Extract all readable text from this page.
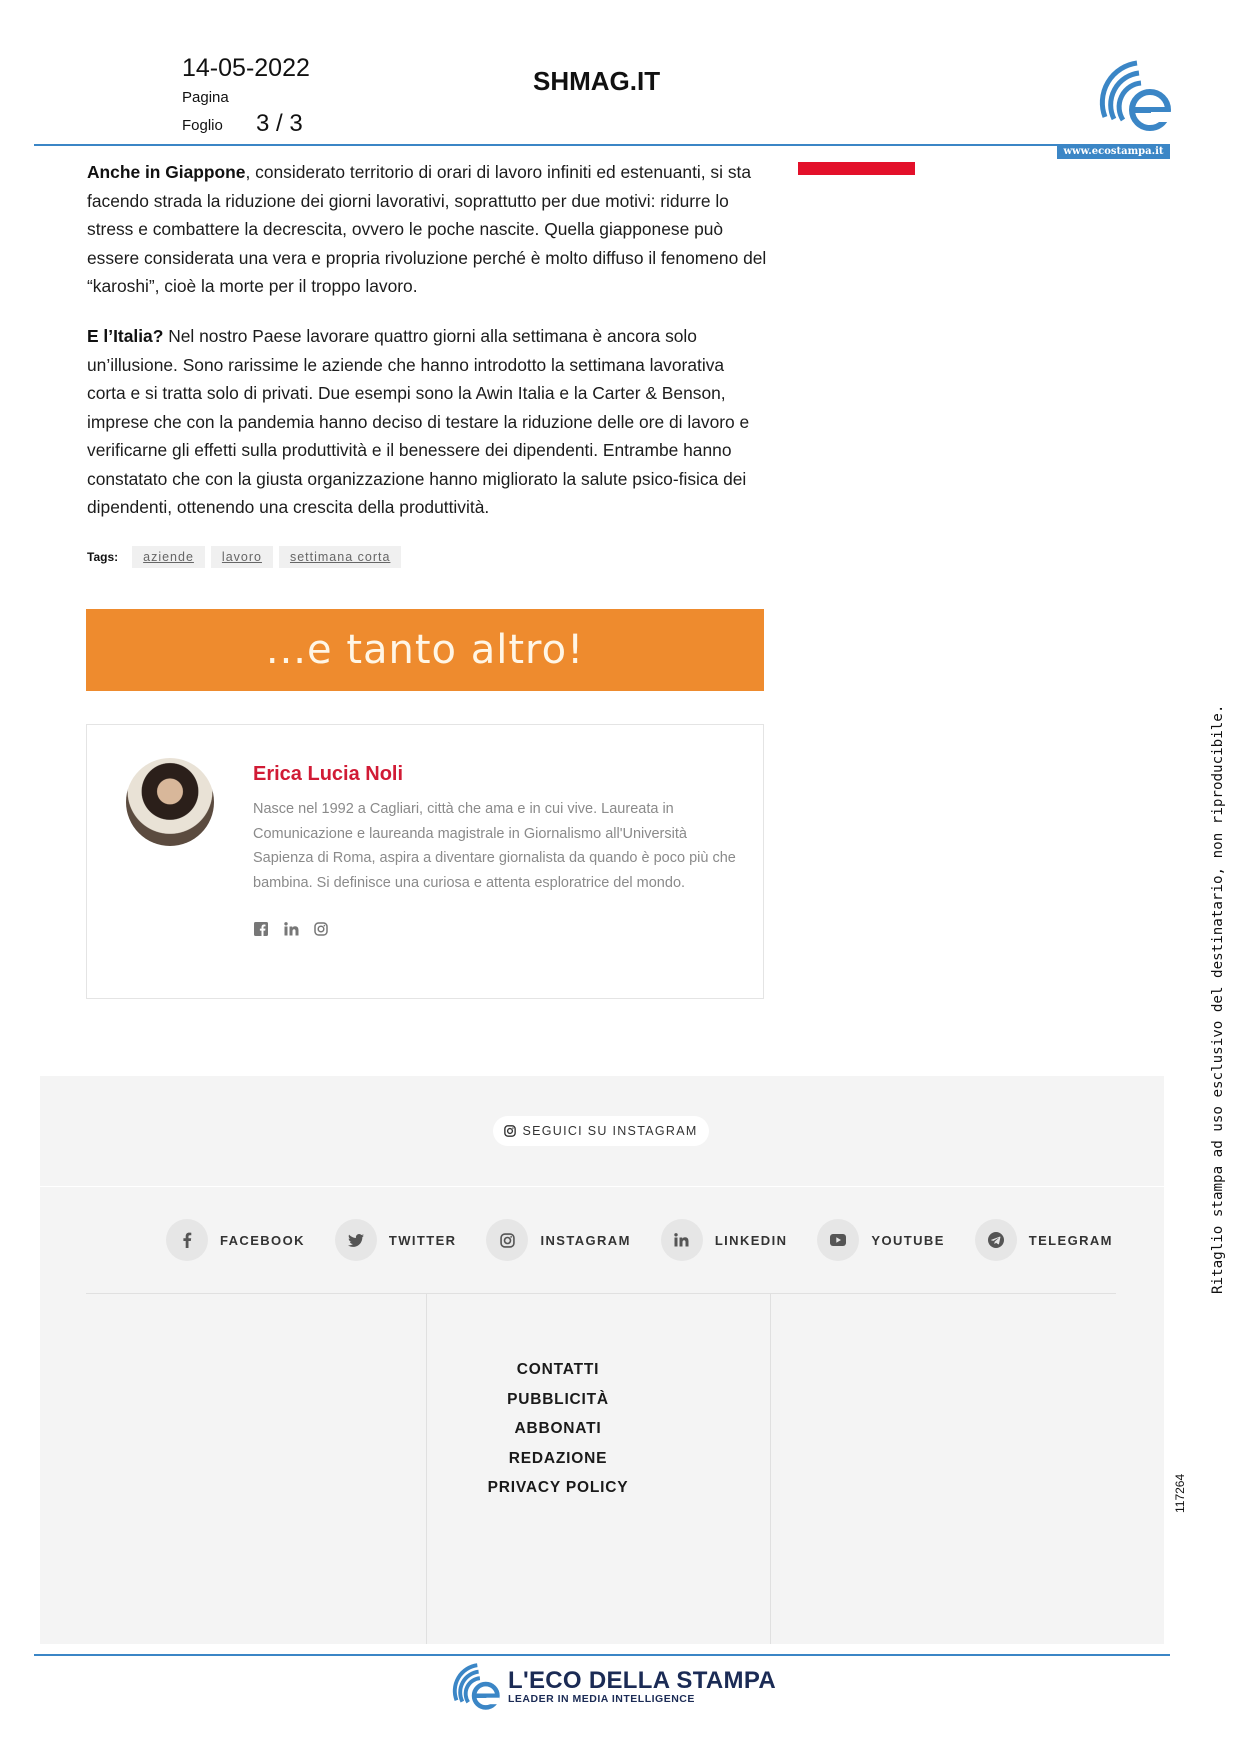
14-05-2022
Pagina
Foglio 3 / 3
SHMAG.IT
www.ecostampa.it

Anche in Giappone, considerato territorio di orari di lavoro infiniti ed estenuanti, si sta facendo strada la riduzione dei giorni lavorativi, soprattutto per due motivi: ridurre lo stress e combattere la decrescita, ovvero le poche nascite. Quella giapponese può essere considerata una vera e propria rivoluzione perché è molto diffuso il fenomeno del “karoshi”, cioè la morte per il troppo lavoro.

E l’Italia? Nel nostro Paese lavorare quattro giorni alla settimana è ancora solo un’illusione. Sono rarissime le aziende che hanno introdotto la settimana lavorativa corta e si tratta solo di privati. Due esempi sono la Awin Italia e la Carter & Benson, imprese che con la pandemia hanno deciso di testare la riduzione delle ore di lavoro e verificarne gli effetti sulla produttività e il benessere dei dipendenti. Entrambe hanno constatato che con la giusta organizzazione hanno migliorato la salute psico-fisica dei dipendenti, ottenendo una crescita della produttività.

Tags:	aziende	lavoro	settimana corta
...e tanto altro!
Erica Lucia Noli
Nasce nel 1992 a Cagliari, città che ama e in cui vive. Laureata in Comunicazione e laureanda magistrale in Giornalismo all'Università Sapienza di Roma, aspira a diventare giornalista da quando è poco più che bambina. Si definisce una curiosa e attenta esploratrice del mondo.
SEGUICI SU INSTAGRAM
FACEBOOK	TWITTER	INSTAGRAM	LINKEDIN	YOUTUBE	TELEGRAM
CONTATTI
PUBBLICITÀ
ABBONATI
REDAZIONE
PRIVACY POLICY
L'ECO DELLA STAMPA
LEADER IN MEDIA INTELLIGENCE
Ritaglio stampa ad uso esclusivo del destinatario, non riproducibile.
117264
